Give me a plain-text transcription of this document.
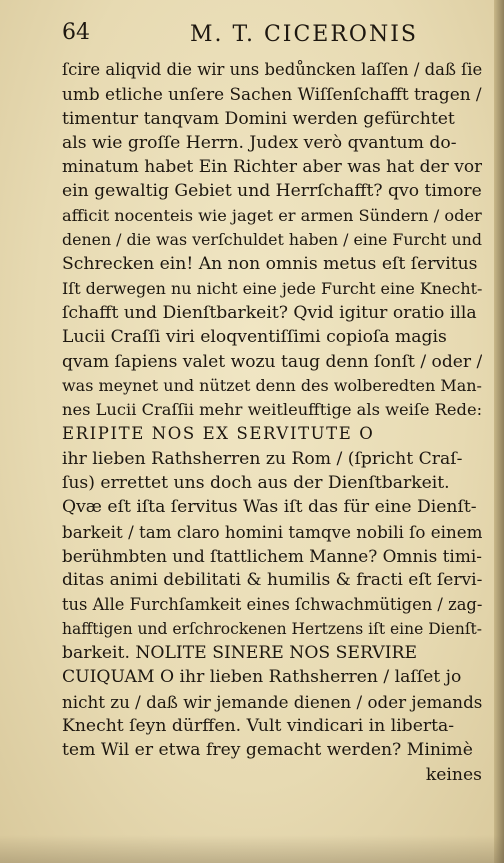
64	M. T. CICERONIS
ſcire aliqvid die wir uns bedůncken laſſen / daß ſie
umb etliche unſere Sachen Wiſſenſchafft tragen /
timentur tanqvam Domini werden gefürchtet
als wie groſſe Herrn. Judex verò qvantum do-
minatum habet Ein Richter aber was hat der vor
ein gewaltig Gebiet und Herrſchafft? qvo timore
afficit nocenteis wie jaget er armen Sündern / oder
denen / die was verſchuldet haben / eine Furcht und
Schrecken ein! An non omnis metus eſt ſervitus
Iſt derwegen nu nicht eine jede Furcht eine Knecht-
ſchafft und Dienſtbarkeit? Qvid igitur oratio illa
Lucii Craſſi viri eloqventiſſimi copioſa magis
qvam ſapiens valet wozu taug denn ſonſt / oder /
was meynet und nützet denn des wolberedten Man-
nes Lucii Craſſii mehr weitleufftige als weiſe Rede:
ERIPITE NOS EX SERVITUTE O
ihr lieben Rathsherren zu Rom / (ſpricht Craſ-
ſus) errettet uns doch aus der Dienſtbarkeit.
Qvæ eſt iſta ſervitus Was iſt das für eine Dienſt-
barkeit / tam claro homini tamqve nobili ſo einem
berühmbten und ſtattlichem Manne? Omnis timi-
ditas animi debilitati & humilis & fracti eſt ſervi-
tus Alle Furchſamkeit eines ſchwachmütigen / zag-
hafftigen und erſchrockenen Hertzens iſt eine Dienſt-
barkeit. NOLITE SINERE NOS SERVIRE
CUIQUAM O ihr lieben Rathsherren / laſſet jo
nicht zu / daß wir jemande dienen / oder jemands
Knecht ſeyn dürffen. Vult vindicari in liberta-
tem Wil er etwa frey gemacht werden? Minimè
keines
